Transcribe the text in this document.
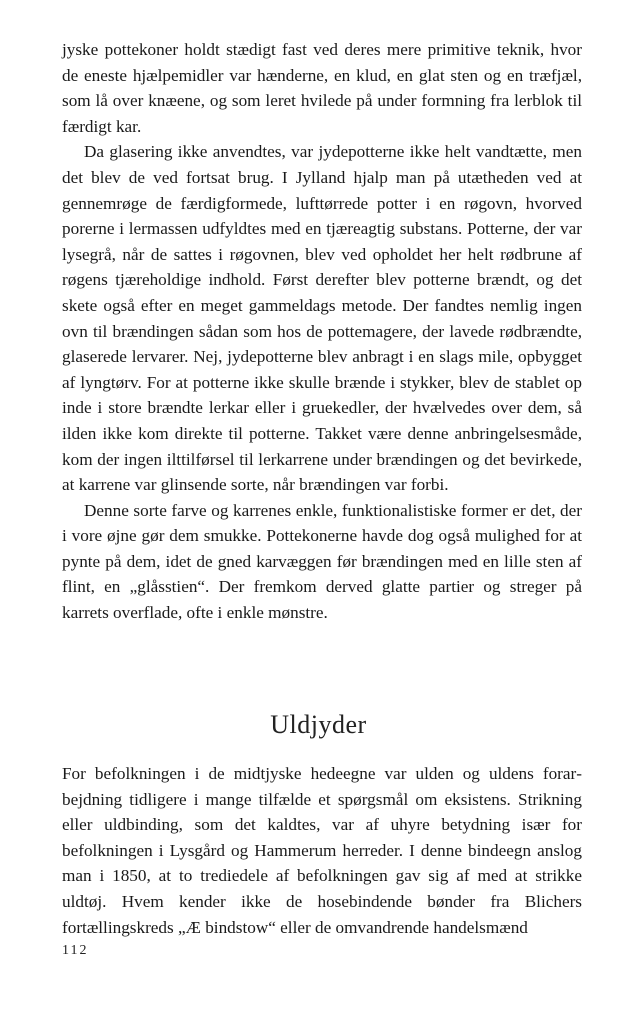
jyske pottekoner holdt stædigt fast ved deres mere primitive teknik, hvor de eneste hjælpemidler var hænderne, en klud, en glat sten og en træfjæl, som lå over knæene, og som leret hvilede på under formning fra lerblok til færdigt kar.

Da glasering ikke anvendtes, var jydepotterne ikke helt vandtætte, men det blev de ved fortsat brug. I Jylland hjalp man på utætheden ved at gennemrøge de færdigformede, lufttørrede potter i en røgovn, hvorved porerne i lermassen udfyldtes med en tjæreagtig substans. Potterne, der var lysegrå, når de sattes i røgovnen, blev ved opholdet her helt rødbrune af røgens tjæreholdige indhold. Først derefter blev potterne brændt, og det skete også efter en meget gammeldags metode. Der fandtes nemlig ingen ovn til brændingen sådan som hos de pottemagere, der lavede rødbrændte, glaserede lervarer. Nej, jydepotterne blev anbragt i en slags mile, opbygget af lyngtørv. For at potterne ikke skulle brænde i stykker, blev de stablet op inde i store brændte lerkar eller i gruekedler, der hvælvedes over dem, så ilden ikke kom direkte til potterne. Takket være denne anbringelsesmåde, kom der ingen ilttilførsel til lerkarrene under brændingen og det bevirkede, at karrene var glinsende sorte, når brændingen var forbi.

Denne sorte farve og karrenes enkle, funktionalistiske former er det, der i vore øjne gør dem smukke. Pottekonerne havde dog også mulighed for at pynte på dem, idet de gned karvæggen før brændingen med en lille sten af flint, en „glåsstien“. Der fremkom derved glatte partier og streger på karrets overflade, ofte i enkle mønstre.

Uldjyder

For befolkningen i de midtjyske hedeegne var ulden og uldens forarbejdning tidligere i mange tilfælde et spørgsmål om eksistens. Strikning eller uldbinding, som det kaldtes, var af uhyre betydning især for befolkningen i Lysgård og Hammerum herreder. I denne bindeegn anslog man i 1850, at to trediedele af befolkningen gav sig af med at strikke uldtøj. Hvem kender ikke de hosebindende bønder fra Blichers fortællingskreds „Æ bindstow“ eller de omvandrende handelsmænd

112
